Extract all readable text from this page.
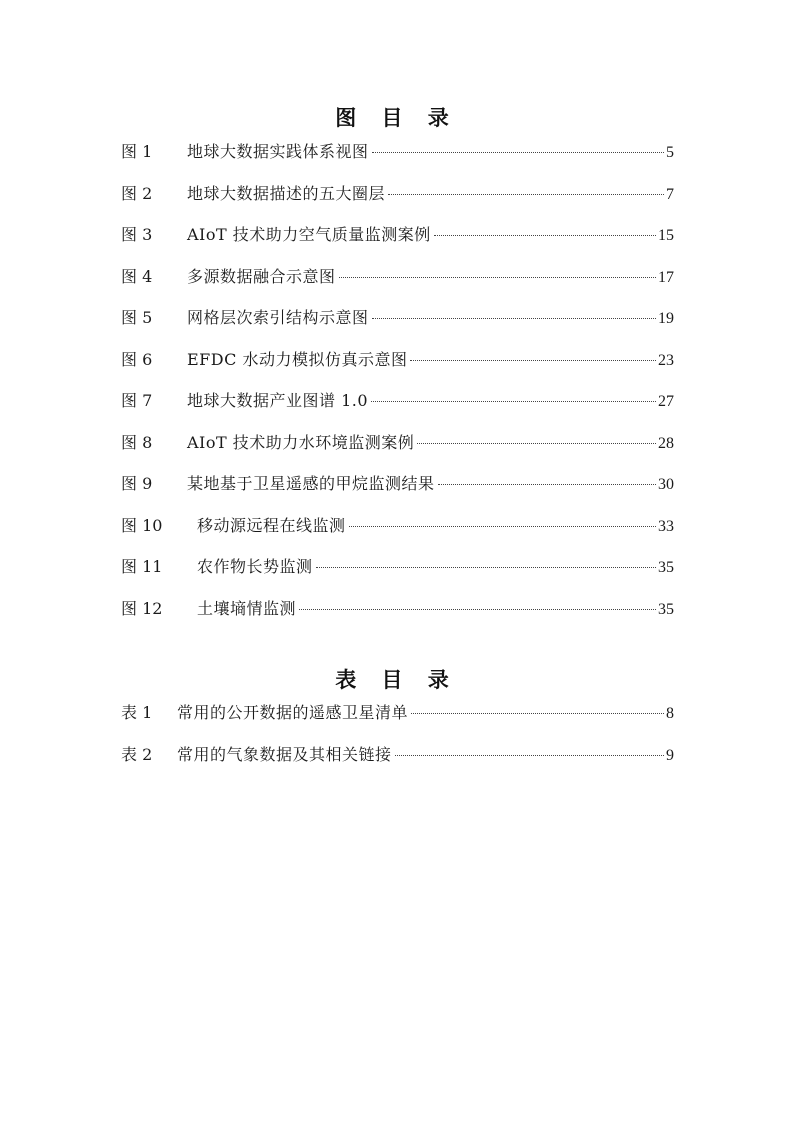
图 目 录
图 1	地球大数据实践体系视图	5
图 2	地球大数据描述的五大圈层	7
图 3	AIoT 技术助力空气质量监测案例	15
图 4	多源数据融合示意图	17
图 5	网格层次索引结构示意图	19
图 6	EFDC 水动力模拟仿真示意图	23
图 7	地球大数据产业图谱 1.0	27
图 8	AIoT 技术助力水环境监测案例	28
图 9	某地基于卫星遥感的甲烷监测结果	30
图 10	移动源远程在线监测	33
图 11	农作物长势监测	35
图 12	土壤墒情监测	35
表 目 录
表 1	常用的公开数据的遥感卫星清单	8
表 2	常用的气象数据及其相关链接	9
